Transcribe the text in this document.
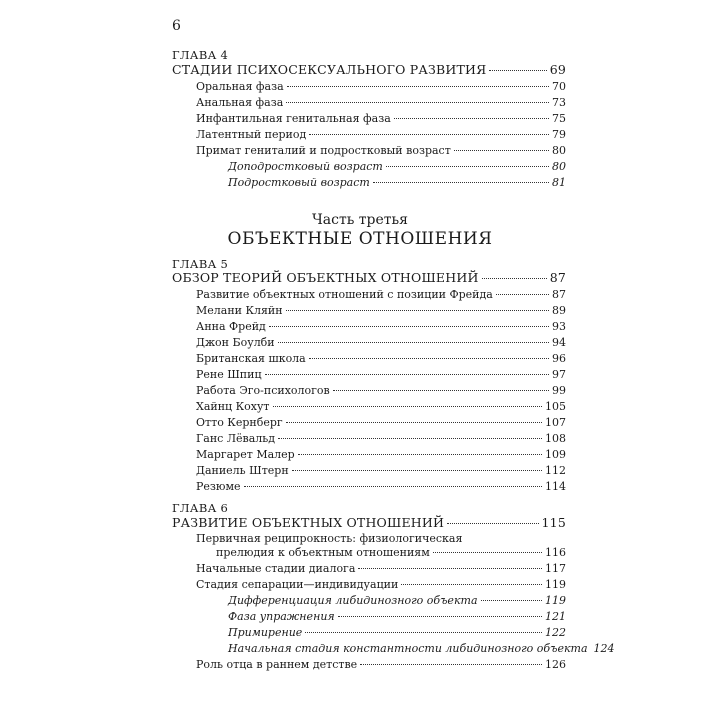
6
ГЛАВА 4
СТАДИИ ПСИХОСЕКСУАЛЬНОГО РАЗВИТИЯ	69
Оральная фаза	70
Анальная фаза	73
Инфантильная генитальная фаза	75
Латентный период	79
Примат гениталий и подростковый возраст	80
Доподростковый возраст	80
Подростковый возраст	81
Часть третья
ОБЪЕКТНЫЕ ОТНОШЕНИЯ
ГЛАВА 5
ОБЗОР ТЕОРИЙ ОБЪЕКТНЫХ ОТНОШЕНИЙ	87
Развитие объектных отношений с позиции Фрейда	87
Мелани Кляйн	89
Анна Фрейд	93
Джон Боулби	94
Британская школа	96
Рене Шпиц	97
Работа Эго-психологов	99
Хайнц Кохут	105
Отто Кернберг	107
Ганс Лёвальд	108
Маргарет Малер	109
Даниель Штерн	112
Резюме	114
ГЛАВА 6
РАЗВИТИЕ ОБЪЕКТНЫХ ОТНОШЕНИЙ	115
Первичная реципрокность: физиологическая
прелюдия к объектным отношениям	116
Начальные стадии диалога	117
Стадия сепарации—индивидуации	119
Дифференциация либидинозного объекта	119
Фаза упражнения	121
Примирение	122
Начальная стадия константности либидинозного объекта 124
Роль отца в раннем детстве	126
